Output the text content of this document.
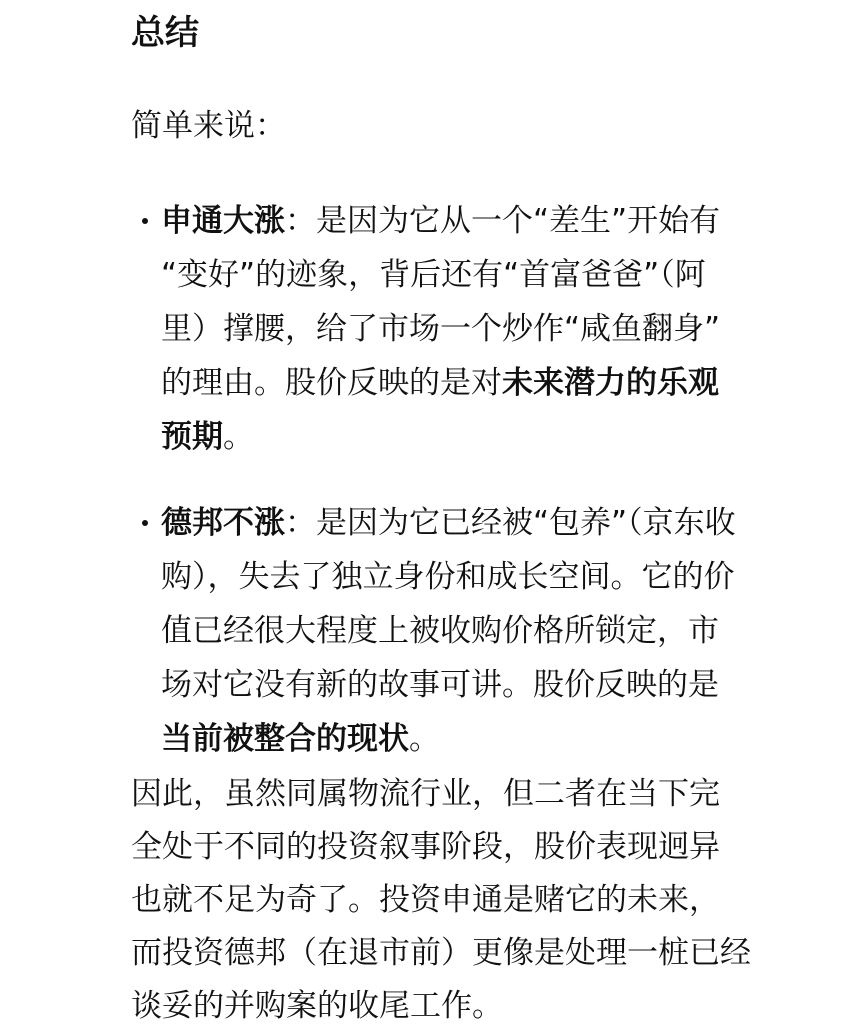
总结

简单来说：

申通大涨：是因为它从一个“差生”开始有
“变好”的迹象，背后还有“首富爸爸”（阿
里）撑腰，给了市场一个炒作“咸鱼翻身”
的理由。股价反映的是对未来潜力的乐观
预期。
德邦不涨：是因为它已经被“包养”（京东收
购），失去了独立身份和成长空间。它的价
值已经很大程度上被收购价格所锁定，市
场对它没有新的故事可讲。股价反映的是
当前被整合的现状。

因此，虽然同属物流行业，但二者在当下完
全处于不同的投资叙事阶段，股价表现迥异
也就不足为奇了。投资申通是赌它的未来，
而投资德邦（在退市前）更像是处理一桩已经
谈妥的并购案的收尾工作。
